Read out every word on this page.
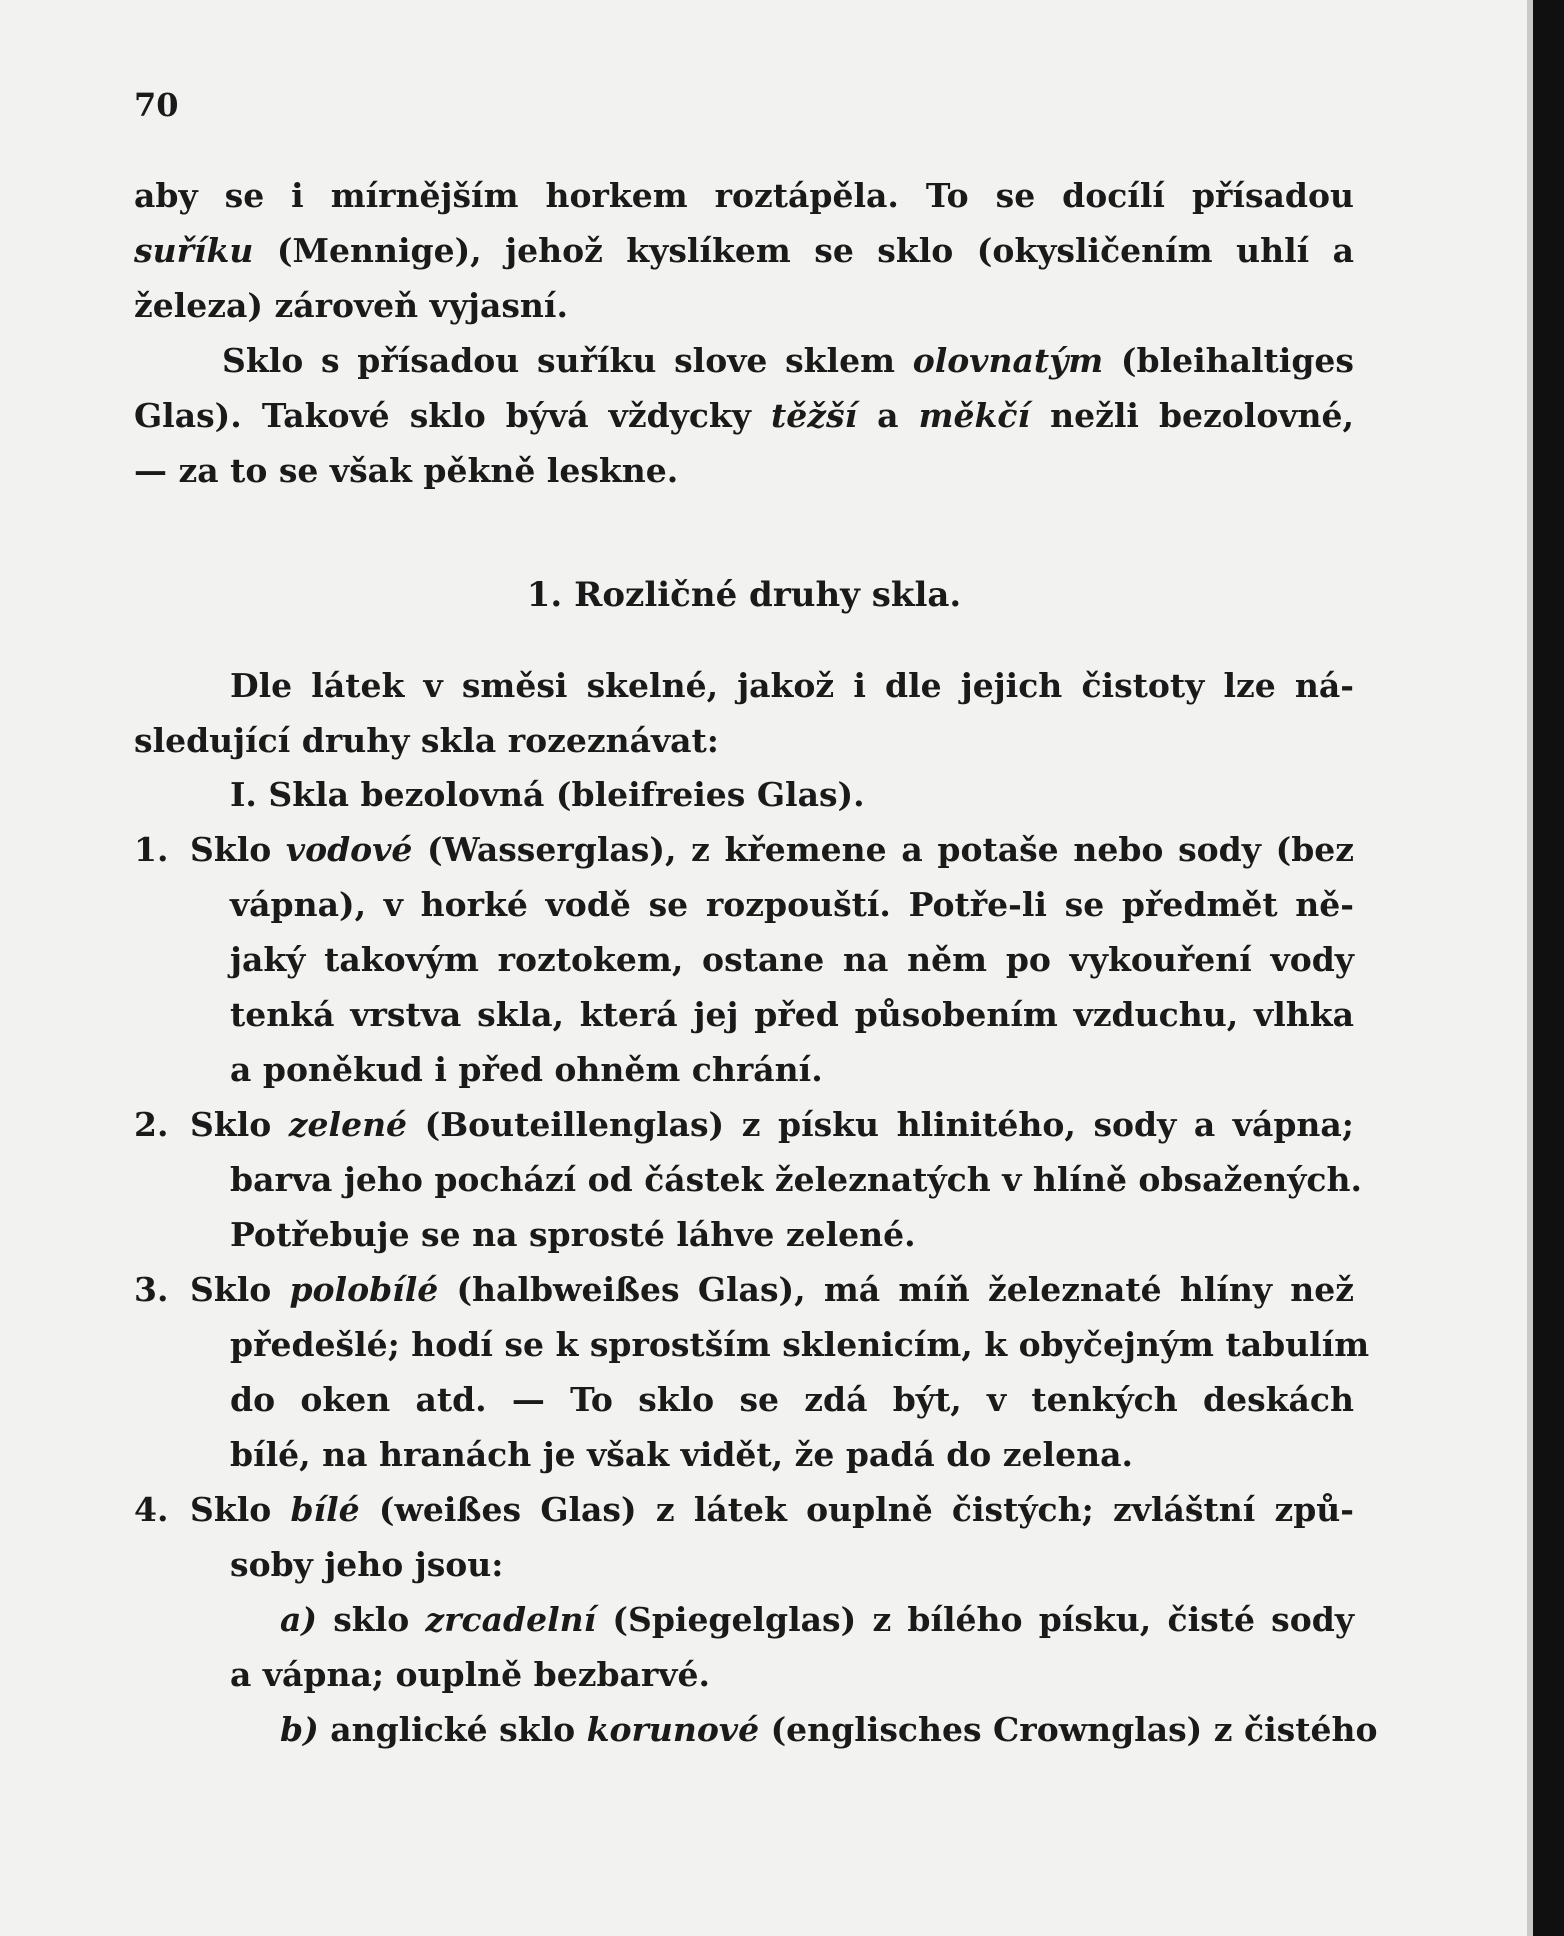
70

aby se i mírnějším horkem roztápěla. To se docílí přísadou

suříku (Mennige), jehož kyslíkem se sklo (okysličením uhlí a

železa) zároveň vyjasní.

Sklo s přísadou suříku slove sklem olovnatým (bleihaltiges

Glas). Takové sklo bývá vždycky těžší a měkčí nežli bezolovné,

— za to se však pěkně leskne.

1. Rozličné druhy skla.

Dle látek v směsi skelné, jakož i dle jejich čistoty lze ná-

sledující druhy skla rozeznávat:

I. Skla bezolovná (bleifreies Glas).

1. Sklo vodové (Wasserglas), z křemene a potaše nebo sody (bez

vápna), v horké vodě se rozpouští. Potře-li se předmět ně-

jaký takovým roztokem, ostane na něm po vykouření vody

tenká vrstva skla, která jej před působením vzduchu, vlhka

a poněkud i před ohněm chrání.

2. Sklo zelené (Bouteillenglas) z písku hlinitého, sody a vápna;

barva jeho pochází od částek železnatých v hlíně obsažených.

Potřebuje se na sprosté láhve zelené.

3. Sklo polobílé (halbweißes Glas), má míň železnaté hlíny než

předešlé; hodí se k sprostším sklenicím, k obyčejným tabulím

do oken atd. — To sklo se zdá být, v tenkých deskách

bílé, na hranách je však vidět, že padá do zelena.

4. Sklo bílé (weißes Glas) z látek ouplně čistých; zvláštní způ-

soby jeho jsou:

a) sklo zrcadelní (Spiegelglas) z bílého písku, čisté sody

a vápna; ouplně bezbarvé.

b) anglické sklo korunové (englisches Crownglas) z čistého
